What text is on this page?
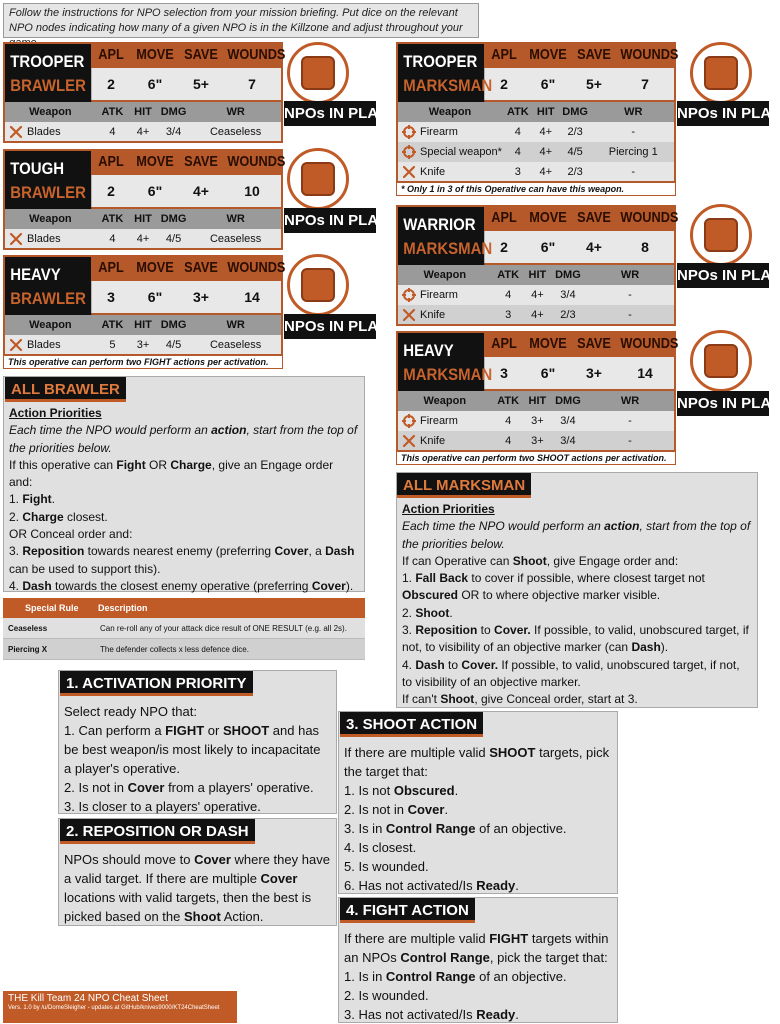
Follow the instructions for NPO selection from your mission briefing. Put dice on the relevant NPO nodes indicating how many of a given NPO is in the Killzone and adjust throughout your
TROOPER
BRAWLER
APL MOVE SAVE WOUNDS
2	6"	5+	7
Weapon	ATK	HIT	DMG	WR
Blades	4	4+	3/4	Ceaseless
NPOs IN PLAY
TOUGH
BRAWLER
APL MOVE SAVE WOUNDS
2	6"	4+	10
Weapon	ATK	HIT	DMG	WR
Blades	4	4+	4/5	Ceaseless
NPOs IN PLAY
HEAVY
BRAWLER
APL MOVE SAVE WOUNDS
3	6"	3+	14
Weapon	ATK	HIT	DMG	WR
Blades	5	3+	4/5	Ceaseless
This operative can perform two FIGHT actions per activation.
NPOs IN PLAY
TROOPER
MARKSMAN
APL MOVE SAVE WOUNDS
2	6"	5+	7
Weapon	ATK	HIT	DMG	WR
Firearm	4	4+	2/3	-
Special weapon*	4	4+	4/5	Piercing 1
Knife	3	4+	2/3	-
* Only 1 in 3 of this Operative can have this weapon.
NPOs IN PLAY
WARRIOR
MARKSMAN
APL MOVE SAVE WOUNDS
2	6"	4+	8
Weapon	ATK	HIT	DMG	WR
Firearm	4	4+	3/4	-
Knife	3	4+	2/3	-
NPOs IN PLAY
HEAVY
MARKSMAN
APL MOVE SAVE WOUNDS
3	6"	3+	14
Weapon	ATK	HIT	DMG	WR
Firearm	4	3+	3/4	-
Knife	4	3+	3/4	-
This operative can perform two SHOOT actions per activation.
NPOs IN PLAY
Action Priorities
Each time the NPO would perform an action, start from the top of the priorities below.
If this operative can Fight OR Charge, give an Engage order and:
1. Fight.
2. Charge closest.
OR Conceal order and:
3. Reposition towards nearest enemy (preferring Cover, a Dash can be used to support this).
4. Dash towards the closest enemy operative (preferring Cover).
ALL BRAWLER
Action Priorities
Each time the NPO would perform an action, start from the top of the priorities below.
If can Operative can Shoot, give Engage order and:
1. Fall Back to cover if possible, where closest target not Obscured OR to where objective marker visible.
2. Shoot.
3. Reposition to Cover. If possible, to valid, unobscured target, if not, to visibility of an objective marker (can Dash).
4. Dash to Cover. If possible, to valid, unobscured target, if not, to visibility of an objective marker.
If can't Shoot, give Conceal order, start at 3.
ALL MARKSMAN
Special Rule Description
Ceaseless	Can re-roll any of your attack dice result of ONE RESULT (e.g. all 2s).
Piercing X	The defender collects x less defence dice.
Select ready NPO that:
1. Can perform a FIGHT or SHOOT and has be best weapon/is most likely to incapacitate a player's operative.
2. Is not in Cover from a players' operative.
3. Is closer to a players' operative.
1. ACTIVATION PRIORITY
NPOs should move to Cover where they have a valid target. If there are multiple Cover locations with valid targets, then the best is picked based on the Shoot Action.
2. REPOSITION OR DASH
If there are multiple valid SHOOT targets, pick the target that:
1. Is not Obscured.
2. Is not in Cover.
3. Is in Control Range of an objective.
4. Is closest.
5. Is wounded.
6. Has not activated/Is Ready.
3. SHOOT ACTION
If there are multiple valid FIGHT targets within an NPOs Control Range, pick the target that:
1. Is in Control Range of an objective.
2. Is wounded.
3. Has not activated/Is Ready.
4. FIGHT ACTION
THE Kill Team 24 NPO Cheat Sheet
Vers. 1.0 by /u/DomeSleigher - updates at GitHub/knives9000/KT24CheatSheet
